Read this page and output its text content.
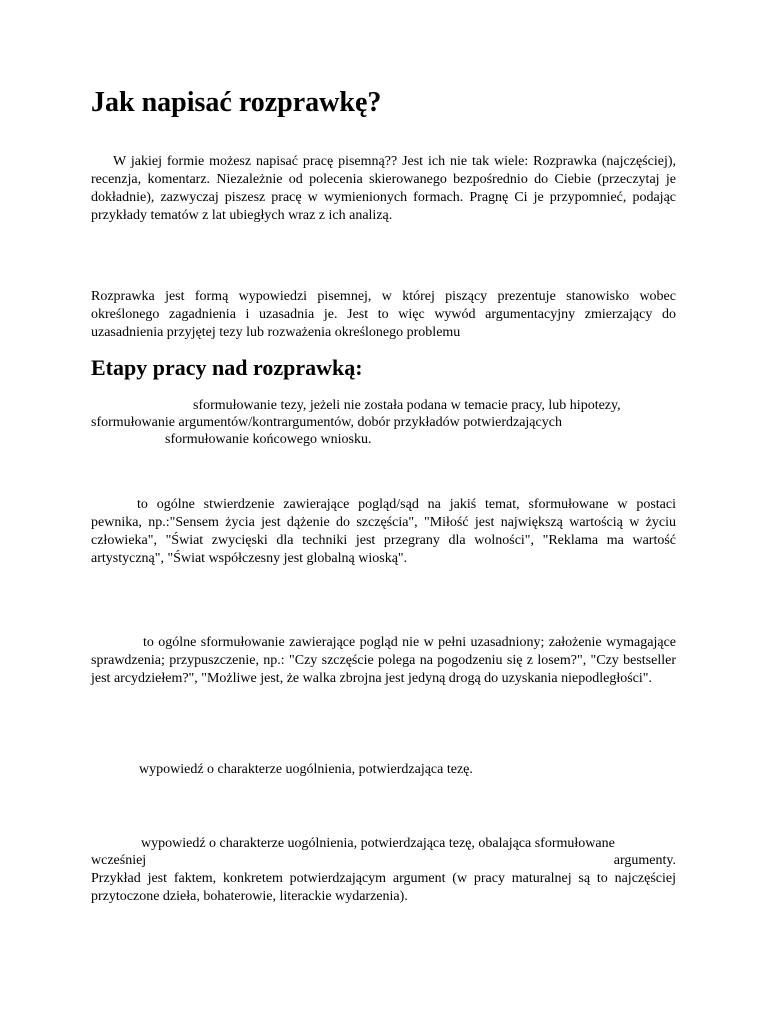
Jak napisać rozprawkę?

W jakiej formie możesz napisać pracę pisemną?? Jest ich nie tak wiele: Rozprawka (najczęściej), recenzja, komentarz. Niezależnie od polecenia skierowanego bezpośrednio do Ciebie (przeczytaj je dokładnie), zazwyczaj piszesz pracę w wymienionych formach. Pragnę Ci je przypomnieć, podając przykłady tematów z lat ubiegłych wraz z ich analizą.

Rozprawka jest formą wypowiedzi pisemnej, w której piszący prezentuje stanowisko wobec określonego zagadnienia i uzasadnia je. Jest to więc wywód argumentacyjny zmierzający do uzasadnienia przyjętej tezy lub rozważenia określonego problemu

Etapy pracy nad rozprawką:
sformułowanie tezy, jeżeli nie została podana w temacie pracy, lub hipotezy,
sformułowanie argumentów/kontrargumentów, dobór przykładów potwierdzających
sformułowanie końcowego wniosku.

to ogólne stwierdzenie zawierające pogląd/sąd na jakiś temat, sformułowane w postaci pewnika, np.:"Sensem życia jest dążenie do szczęścia", "Miłość jest największą wartością w życiu człowieka", "Świat zwycięski dla techniki jest przegrany dla wolności", "Reklama ma wartość artystyczną", "Świat współczesny jest globalną wioską".

to ogólne sformułowanie zawierające pogląd nie w pełni uzasadniony; założenie wymagające sprawdzenia; przypuszczenie, np.: "Czy szczęście polega na pogodzeniu się z losem?", "Czy bestseller jest arcydziełem?", "Możliwe jest, że walka zbrojna jest jedyną drogą do uzyskania niepodległości".

wypowiedź o charakterze uogólnienia, potwierdzająca tezę.
wypowiedź o charakterze uogólnienia, potwierdzająca tezę, obalająca sformułowane
wcześniej	argumenty.

Przykład jest faktem, konkretem potwierdzającym argument (w pracy maturalnej są to najczęściej przytoczone dzieła, bohaterowie, literackie wydarzenia).
